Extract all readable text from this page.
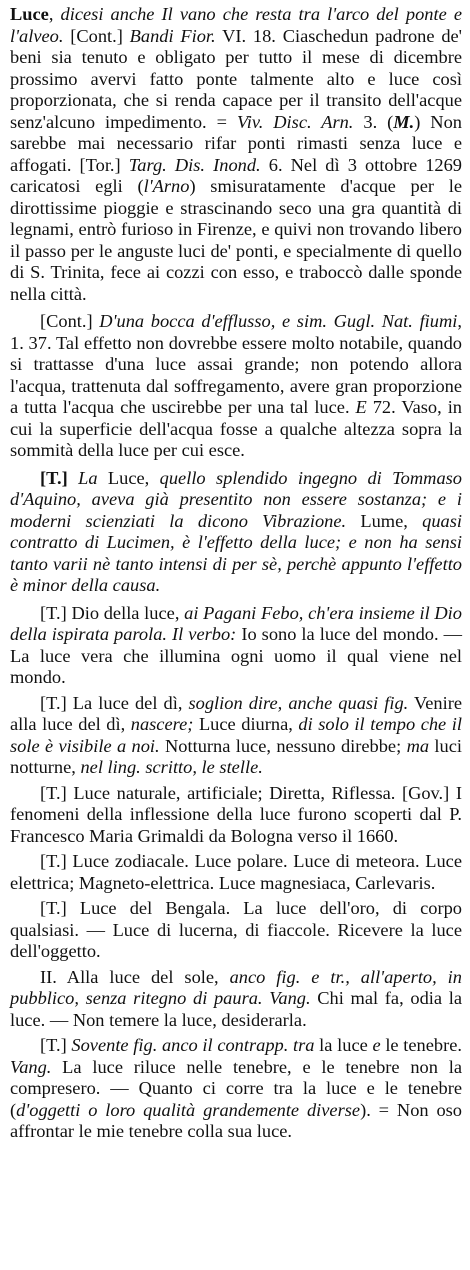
Luce, dicesi anche Il vano che resta tra l'arco del ponte e l'alveo. [Cont.] Bandi Fior. VI. 18. Ciaschedun padrone de' beni sia tenuto e obligato per tutto il mese di dicembre prossimo avervi fatto ponte talmente alto e luce così proporzionata, che si renda capace per il transito dell'acque senz'alcuno impedimento. = Viv. Disc. Arn. 3. (M.) Non sarebbe mai necessario rifar ponti rimasti senza luce e affogati. [Tor.] Targ. Dis. Inond. 6. Nel dì 3 ottobre 1269 caricatosi egli (l'Arno) smisuratamente d'acque per le dirottissime pioggie e strascinando seco una gra quantità di legnami, entrò furioso in Firenze, e quivi non trovando libero il passo per le anguste luci de' ponti, e specialmente di quello di S. Trinita, fece ai cozzi con esso, e traboccò dalle sponde nella città.

[Cont.] D'una bocca d'efflusso, e sim. Gugl. Nat. fiumi, 1. 37. Tal effetto non dovrebbe essere molto notabile, quando si trattasse d'una luce assai grande; non potendo allora l'acqua, trattenuta dal soffregamento, avere gran proporzione a tutta l'acqua che uscirebbe per una tal luce. E 72. Vaso, in cui la superficie dell'acqua fosse a qualche altezza sopra la sommità della luce per cui esce.

[T.] La Luce, quello splendido ingegno di Tommaso d'Aquino, aveva già presentito non essere sostanza; e i moderni scienziati la dicono Vibrazione. Lume, quasi contratto di Lucimen, è l'effetto della luce; e non ha sensi tanto varii nè tanto intensi di per sè, perchè appunto l'effetto è minor della causa.

[T.] Dio della luce, ai Pagani Febo, ch'era insieme il Dio della ispirata parola. Il verbo: Io sono la luce del mondo. — La luce vera che illumina ogni uomo il qual viene nel mondo.

[T.] La luce del dì, soglion dire, anche quasi fig. Venire alla luce del dì, nascere; Luce diurna, di solo il tempo che il sole è visibile a noi. Notturna luce, nessuno direbbe; ma luci notturne, nel ling. scritto, le stelle.

[T.] Luce naturale, artificiale; Diretta, Riflessa. [Gov.] I fenomeni della inflessione della luce furono scoperti dal P. Francesco Maria Grimaldi da Bologna verso il 1660.

[T.] Luce zodiacale. Luce polare. Luce di meteora. Luce elettrica; Magneto-elettrica. Luce magnesiaca, Carlevaris.

[T.] Luce del Bengala. La luce dell'oro, di corpo qualsiasi. — Luce di lucerna, di fiaccole. Ricevere la luce dell'oggetto.

II. Alla luce del sole, anco fig. e tr., all'aperto, in pubblico, senza ritegno di paura. Vang. Chi mal fa, odia la luce. — Non temere la luce, desiderarla.

[T.] Sovente fig. anco il contrapp. tra la luce e le tenebre. Vang. La luce riluce nelle tenebre, e le tenebre non la compresero. — Quanto ci corre tra la luce e le tenebre (d'oggetti o loro qualità grandemente diverse). = Non oso affrontar le mie tenebre colla sua luce.
